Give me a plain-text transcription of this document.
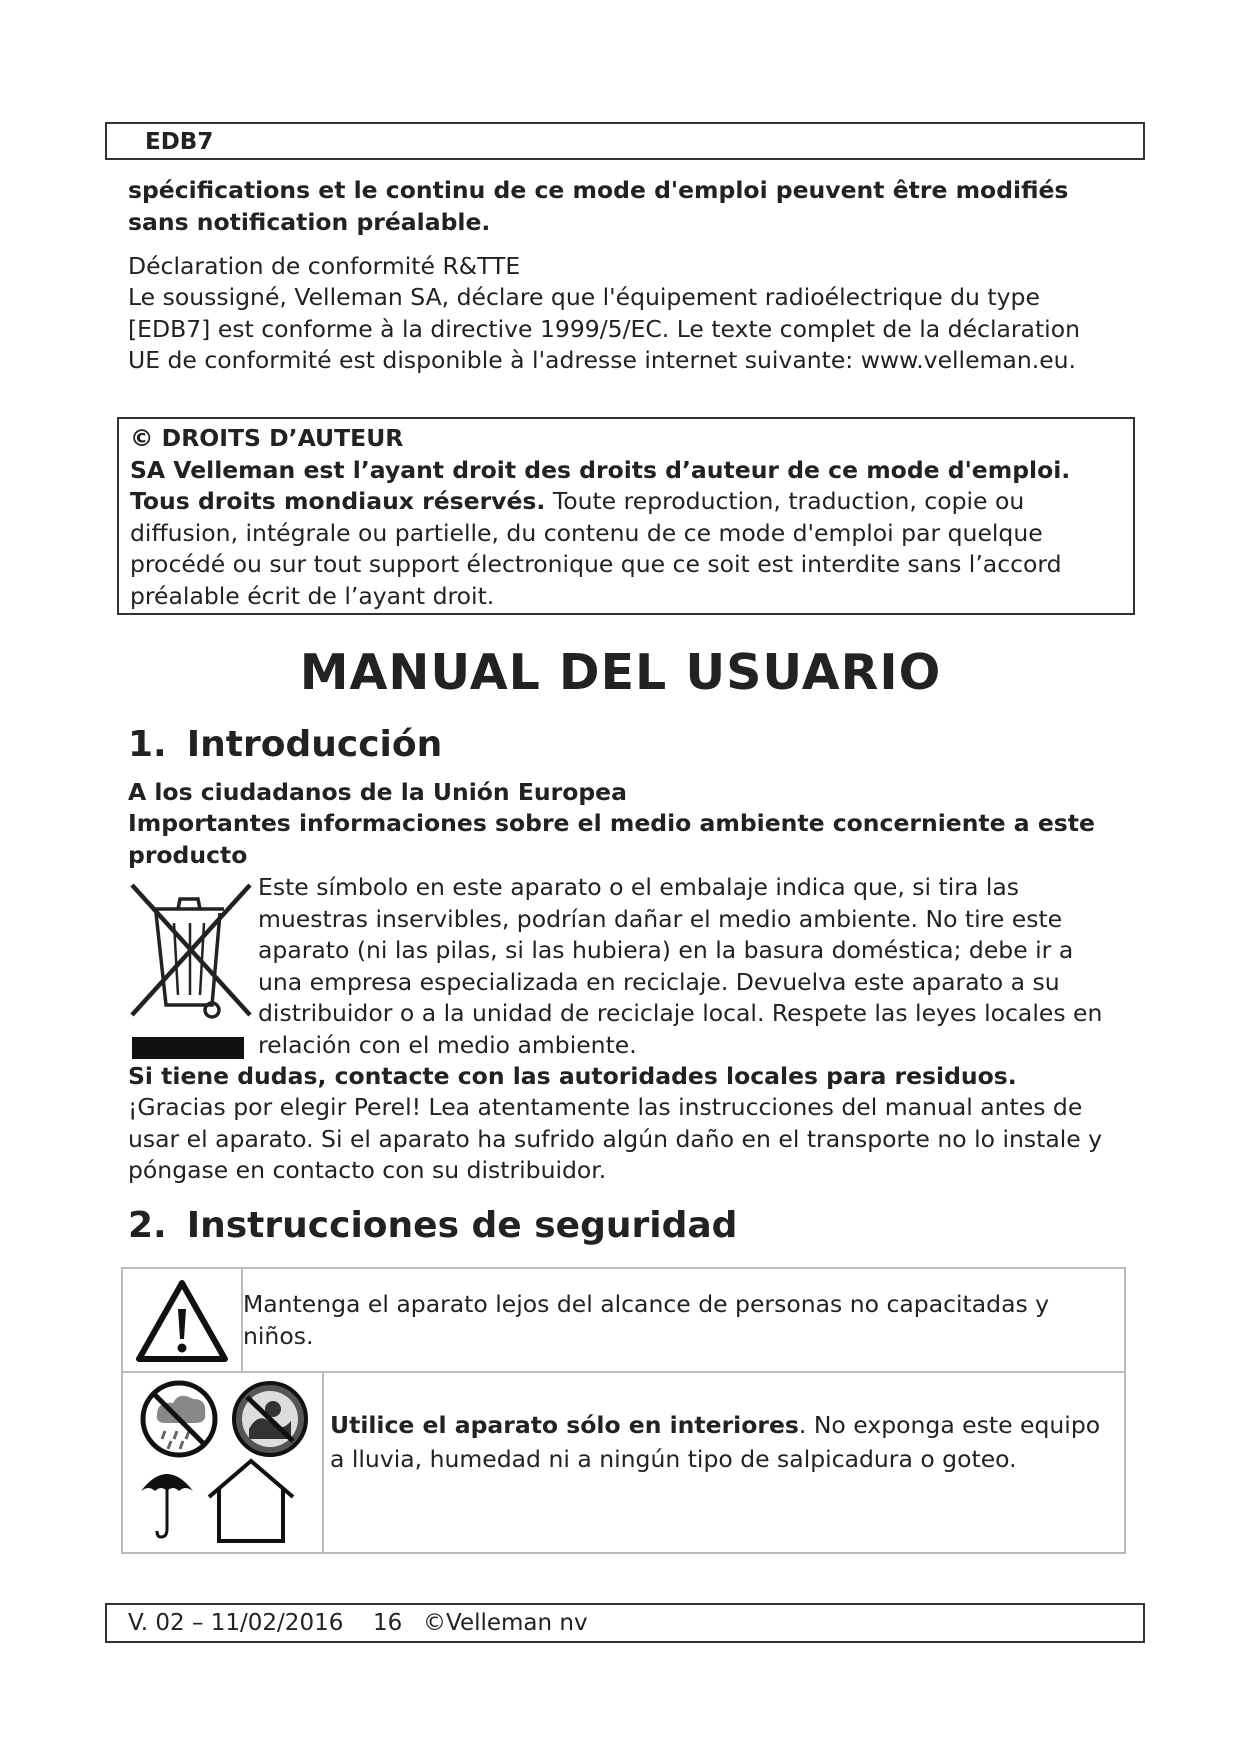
EDB7

spécifications et le continu de ce mode d'emploi peuvent être modifiés sans notification préalable.

Déclaration de conformité R&TTE

Le soussigné, Velleman SA, déclare que l'équipement radioélectrique du type [EDB7] est conforme à la directive 1999/5/EC. Le texte complet de la déclaration UE de conformité est disponible à l'adresse internet suivante: www.velleman.eu.

© DROITS D’AUTEUR
SA Velleman est l’ayant droit des droits d’auteur de ce mode d'emploi. Tous droits mondiaux réservés. Toute reproduction, traduction, copie ou diffusion, intégrale ou partielle, du contenu de ce mode d'emploi par quelque procédé ou sur tout support électronique que ce soit est interdite sans l’accord préalable écrit de l’ayant droit.
MANUAL DEL USUARIO
1. Introducción

A los ciudadanos de la Unión Europea

Importantes informaciones sobre el medio ambiente concerniente a este producto

Este símbolo en este aparato o el embalaje indica que, si tira las muestras inservibles, podrían dañar el medio ambiente. No tire este aparato (ni las pilas, si las hubiera) en la basura doméstica; debe ir a una empresa especializada en reciclaje. Devuelva este aparato a su distribuidor o a la unidad de reciclaje local. Respete las leyes locales en relación con el medio ambiente.

Si tiene dudas, contacte con las autoridades locales para residuos.

¡Gracias por elegir Perel! Lea atentamente las instrucciones del manual antes de usar el aparato. Si el aparato ha sufrido algún daño en el transporte no lo instale y póngase en contacto con su distribuidor.

2. Instrucciones de seguridad
Mantenga el aparato lejos del alcance de personas no capacitadas y niños.
Utilice el aparato sólo en interiores. No exponga este equipo a lluvia, humedad ni a ningún tipo de salpicadura o goteo.
V. 02 – 11/02/2016 16 ©Velleman nv
